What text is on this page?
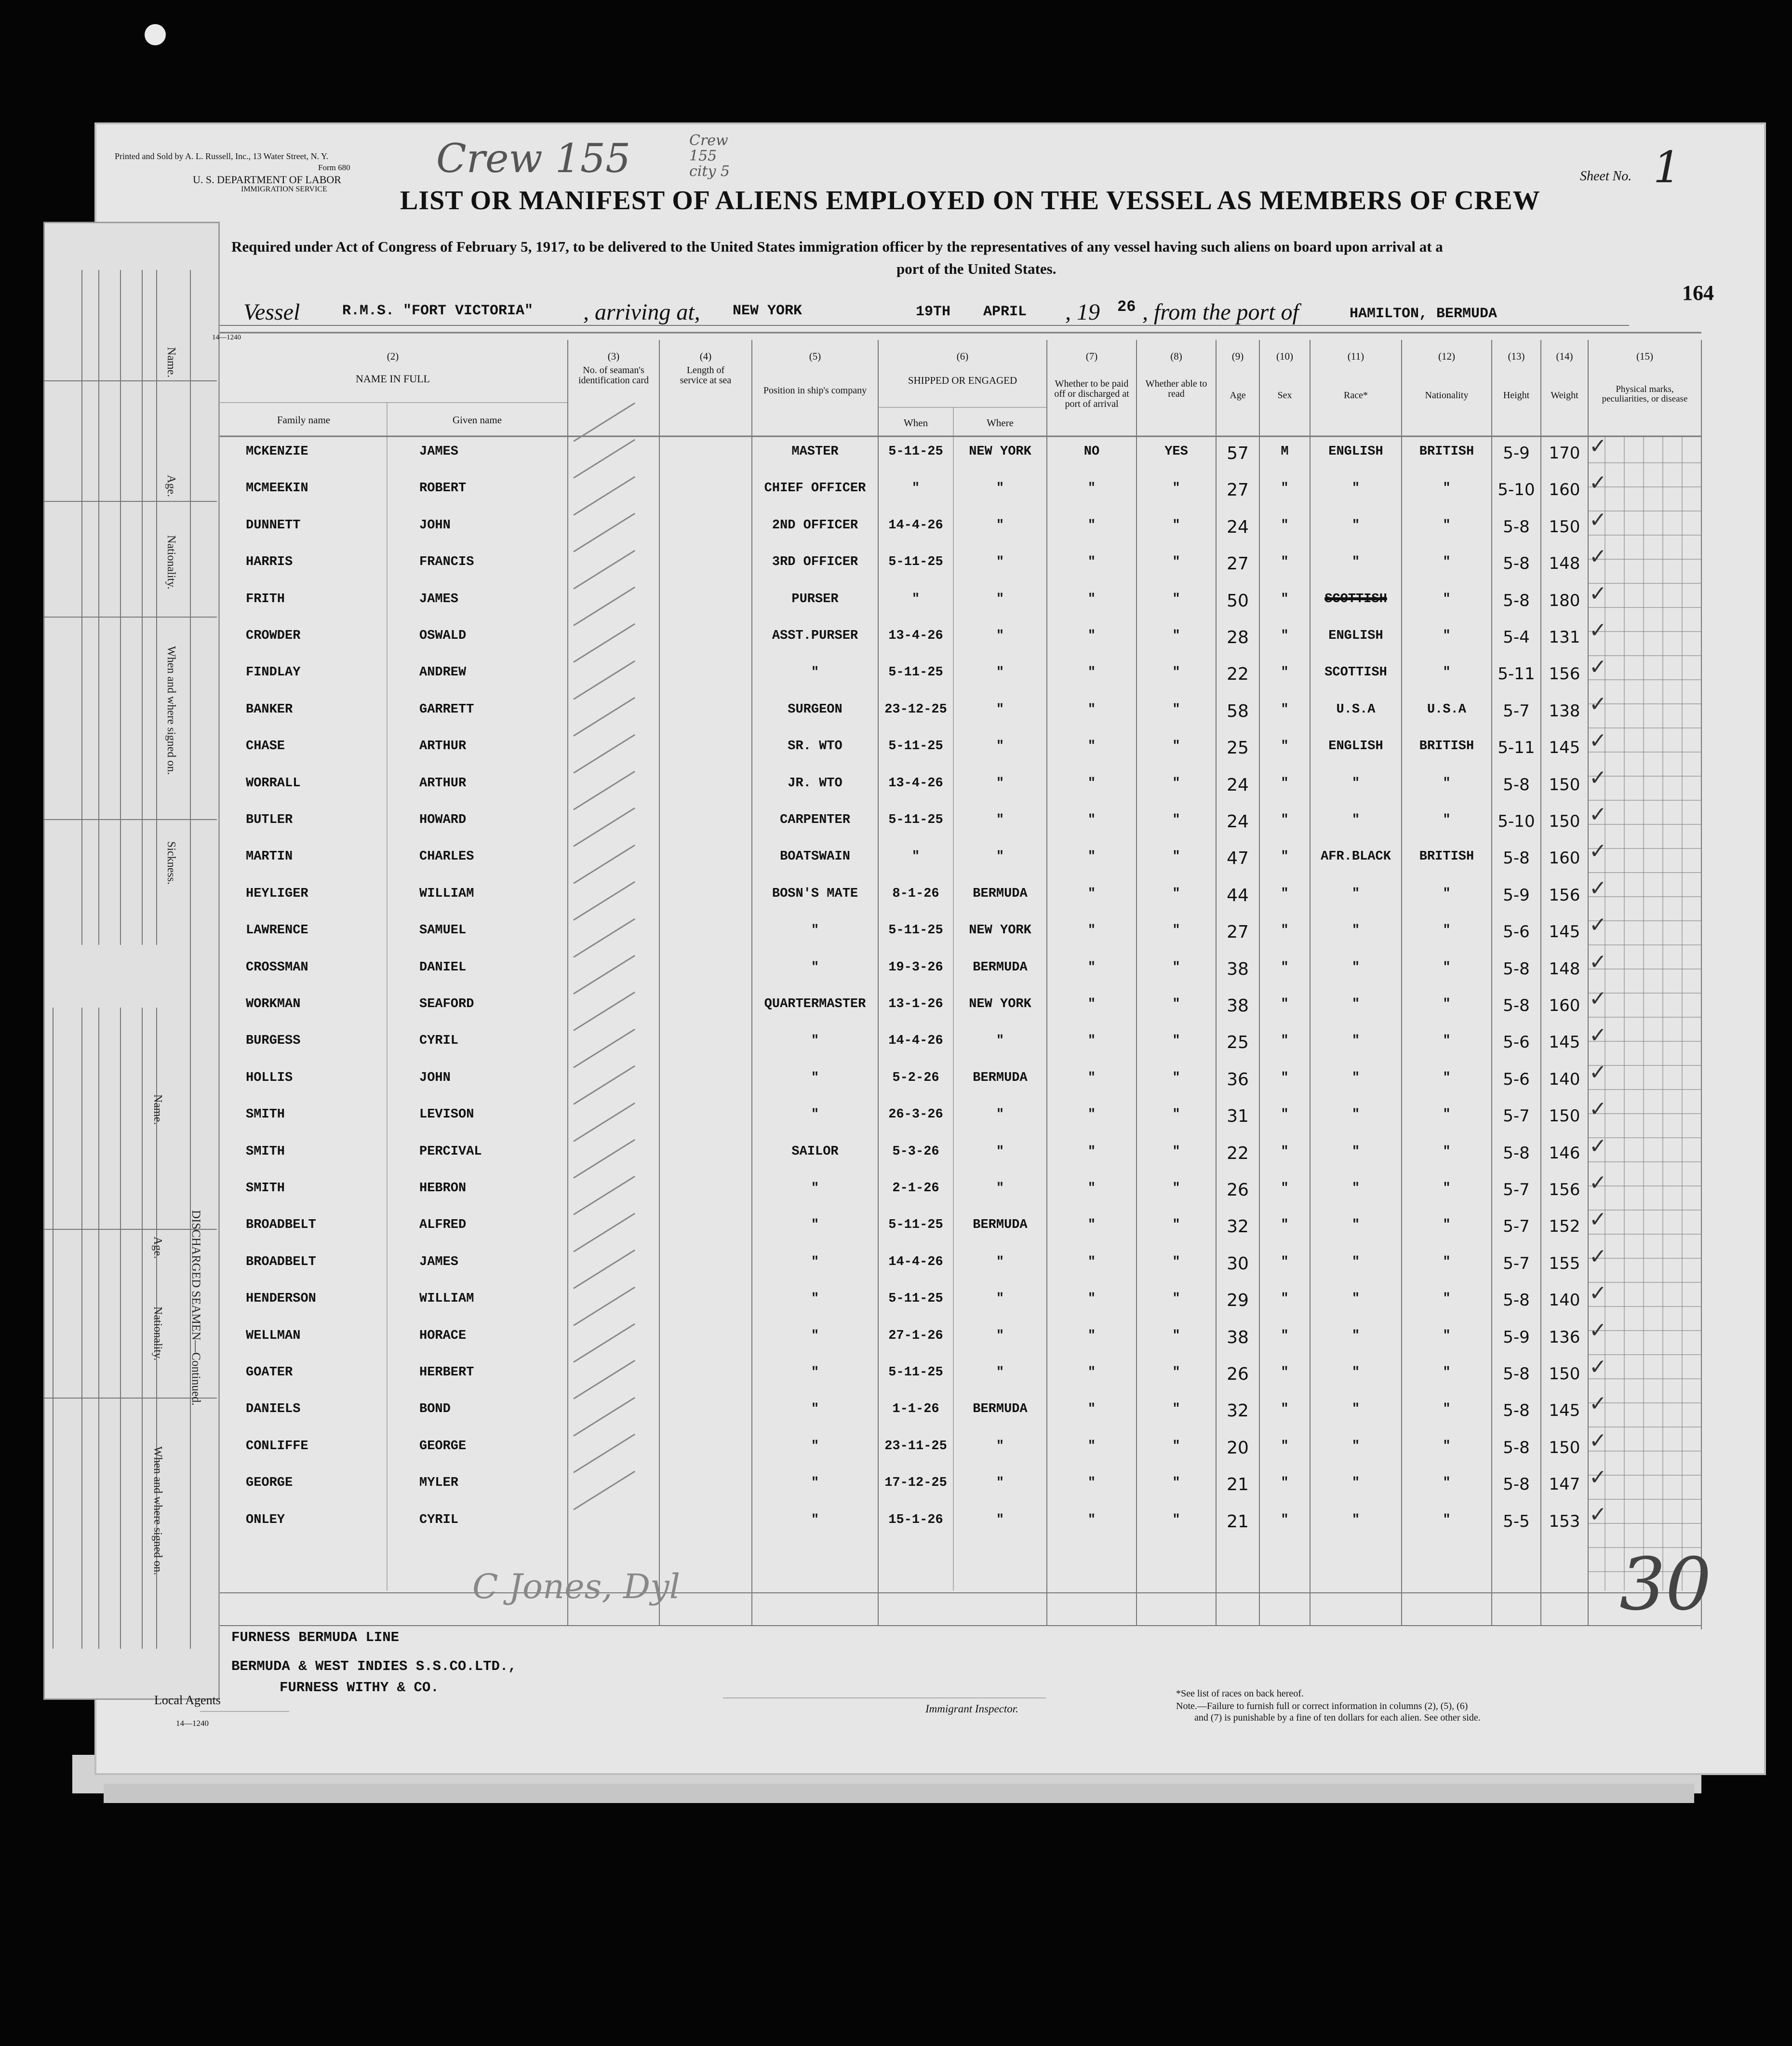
Name.
Age.
Nationality.
When and where signed on.
Sickness.
Name.
Age.
Nationality.
When and where signed on.
DISCHARGED SEAMEN—Continued.
Printed and Sold by A. L. Russell, Inc., 13 Water Street, N. Y.
Form 680
U. S. DEPARTMENT OF LABOR
IMMIGRATION SERVICE
Crew 155	Crew 155 city 5	Sheet No. 1
LIST OR MANIFEST OF ALIENS EMPLOYED ON THE VESSEL AS MEMBERS OF CREW
Required under Act of Congress of February 5, 1917, to be delivered to the United States immigration officer by the representatives of any vessel having such aliens on board upon arrival at a
port of the United States.
164
Vessel	R.M.S. "FORT VICTORIA" , arriving at, NEW YORK	19TH APRIL , 19 26 , from the port of	HAMILTON, BERMUDA
14—1240
(2)
NAME IN FULL
Family name	Given name
(3)
No. of seaman's identification card
(4)
Length of service at sea
(5)
Position in ship's company
(6)
SHIPPED OR ENGAGED
When	Where
(7)
Whether to be paid off or discharged at port of arrival
(8)
Whether able to read
(9)
Age
(10)
Sex
(11)
Race*
(12)
Nationality
(13)
Height
(14)
Weight
(15)
Physical marks, peculiarities, or disease
MCKENZIE	JAMES	MASTER	5-11-25	NEW YORK	NO	YES	57	M	ENGLISH	BRITISH	5-9	170 ✓
MCMEEKIN	ROBERT	CHIEF OFFICER	"	"	"	"	27	"	"	"	5-10 160 ✓
DUNNETT	JOHN	2ND OFFICER	14-4-26	"	"	"	24	"	"	"	5-8	150 ✓
HARRIS	FRANCIS	3RD OFFICER	5-11-25	"	"	"	27	"	"	"	5-8	148 ✓
FRITH	JAMES	PURSER	"	"	"	"	50	"	SCOTTISH	"	5-8	180 ✓
CROWDER	OSWALD	ASST.PURSER	13-4-26	"	"	"	28	"	ENGLISH	"	5-4	131 ✓
FINDLAY	ANDREW	"	5-11-25	"	"	"	22	"	SCOTTISH	"	5-11 156 ✓
BANKER	GARRETT	SURGEON	23-12-25	"	"	"	58	"	U.S.A	U.S.A	5-7	138 ✓
CHASE	ARTHUR	SR. WTO	5-11-25	"	"	"	25	"	ENGLISH	BRITISH	5-11 145 ✓
WORRALL	ARTHUR	JR. WTO	13-4-26	"	"	"	24	"	"	"	5-8	150 ✓
BUTLER	HOWARD	CARPENTER	5-11-25	"	"	"	24	"	"	"	5-10 150 ✓
MARTIN	CHARLES	BOATSWAIN	"	"	"	"	47	"	AFR.BLACK	BRITISH	5-8	160 ✓
HEYLIGER	WILLIAM	BOSN'S MATE	8-1-26	BERMUDA	"	"	44	"	"	"	5-9	156 ✓
LAWRENCE	SAMUEL	"	5-11-25	NEW YORK	"	"	27	"	"	"	5-6	145 ✓
CROSSMAN	DANIEL	"	19-3-26	BERMUDA	"	"	38	"	"	"	5-8	148 ✓
WORKMAN	SEAFORD	QUARTERMASTER	13-1-26	NEW YORK	"	"	38	"	"	"	5-8	160 ✓
BURGESS	CYRIL	"	14-4-26	"	"	"	25	"	"	"	5-6	145 ✓
HOLLIS	JOHN	"	5-2-26	BERMUDA	"	"	36	"	"	"	5-6	140 ✓
SMITH	LEVISON	"	26-3-26	"	"	"	31	"	"	"	5-7	150 ✓
SMITH	PERCIVAL	SAILOR	5-3-26	"	"	"	22	"	"	"	5-8	146 ✓
SMITH	HEBRON	"	2-1-26	"	"	"	26	"	"	"	5-7	156 ✓
BROADBELT	ALFRED	"	5-11-25	BERMUDA	"	"	32	"	"	"	5-7	152 ✓
BROADBELT	JAMES	"	14-4-26	"	"	"	30	"	"	"	5-7	155 ✓
HENDERSON	WILLIAM	"	5-11-25	"	"	"	29	"	"	"	5-8	140 ✓
WELLMAN	HORACE	"	27-1-26	"	"	"	38	"	"	"	5-9	136 ✓
GOATER	HERBERT	"	5-11-25	"	"	"	26	"	"	"	5-8	150 ✓
DANIELS	BOND	"	1-1-26	BERMUDA	"	"	32	"	"	"	5-8	145 ✓
CONLIFFE	GEORGE	"	23-11-25	"	"	"	20	"	"	"	5-8	150 ✓
GEORGE	MYLER	"	17-12-25	"	"	"	21	"	"	"	5-8	147 ✓
ONLEY	CYRIL	"	15-1-26	"	"	"	21	"	"	"	5-5	153 ✓
30
C Jones, Dyl
FURNESS BERMUDA LINE
BERMUDA & WEST INDIES S.S.CO.LTD.,
FURNESS WITHY & CO.
Local Agents
14—1240
Immigrant Inspector.
*See list of races on back hereof.
Note.—Failure to furnish full or correct information in columns (2), (5), (6)
and (7) is punishable by a fine of ten dollars for each alien. See other side.
